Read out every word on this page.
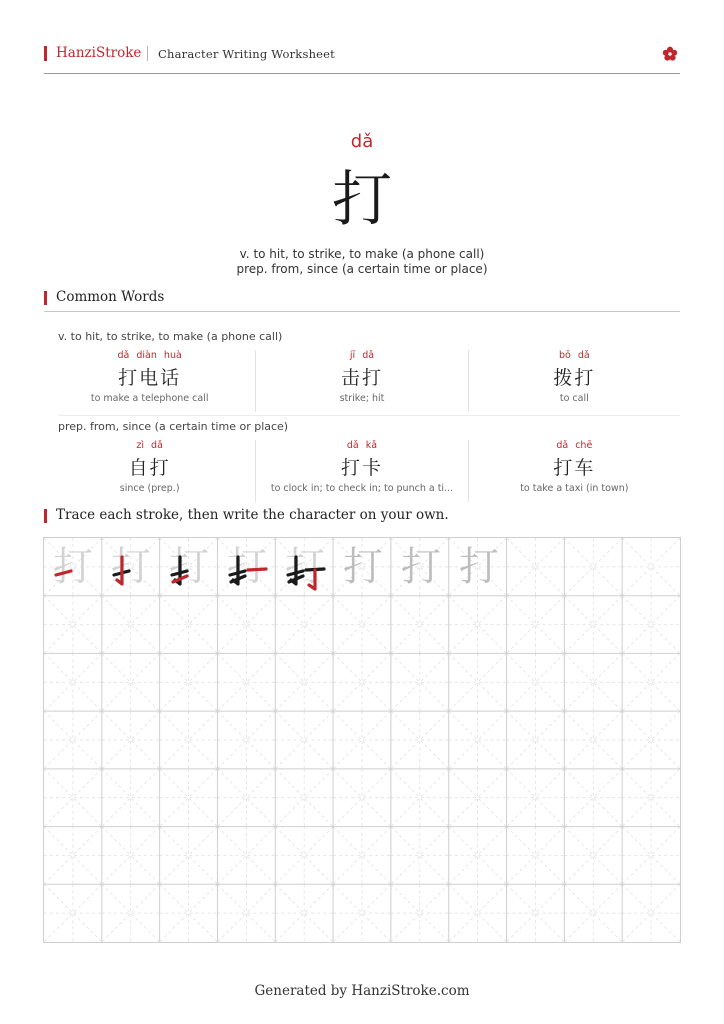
HanziStroke Character Writing Worksheet
dǎ
打
v. to hit, to strike, to make (a phone call)
prep. from, since (a certain time or place)
Common Words
v. to hit, to strike, to make (a phone call)
dǎ diàn huà
打电话
to make a telephone call
jī dǎ
击打
strike; hit
bō dǎ
拨打
to call
prep. from, since (a certain time or place)
zì dǎ
自打
since (prep.)
dǎ kǎ
打卡
to clock in; to check in; to punch a ti...
dǎ chē
打车
to take a taxi (in town)
Trace each stroke, then write the character on your own.
打 打 打 打 打 打 打 打
Generated by HanziStroke.com
